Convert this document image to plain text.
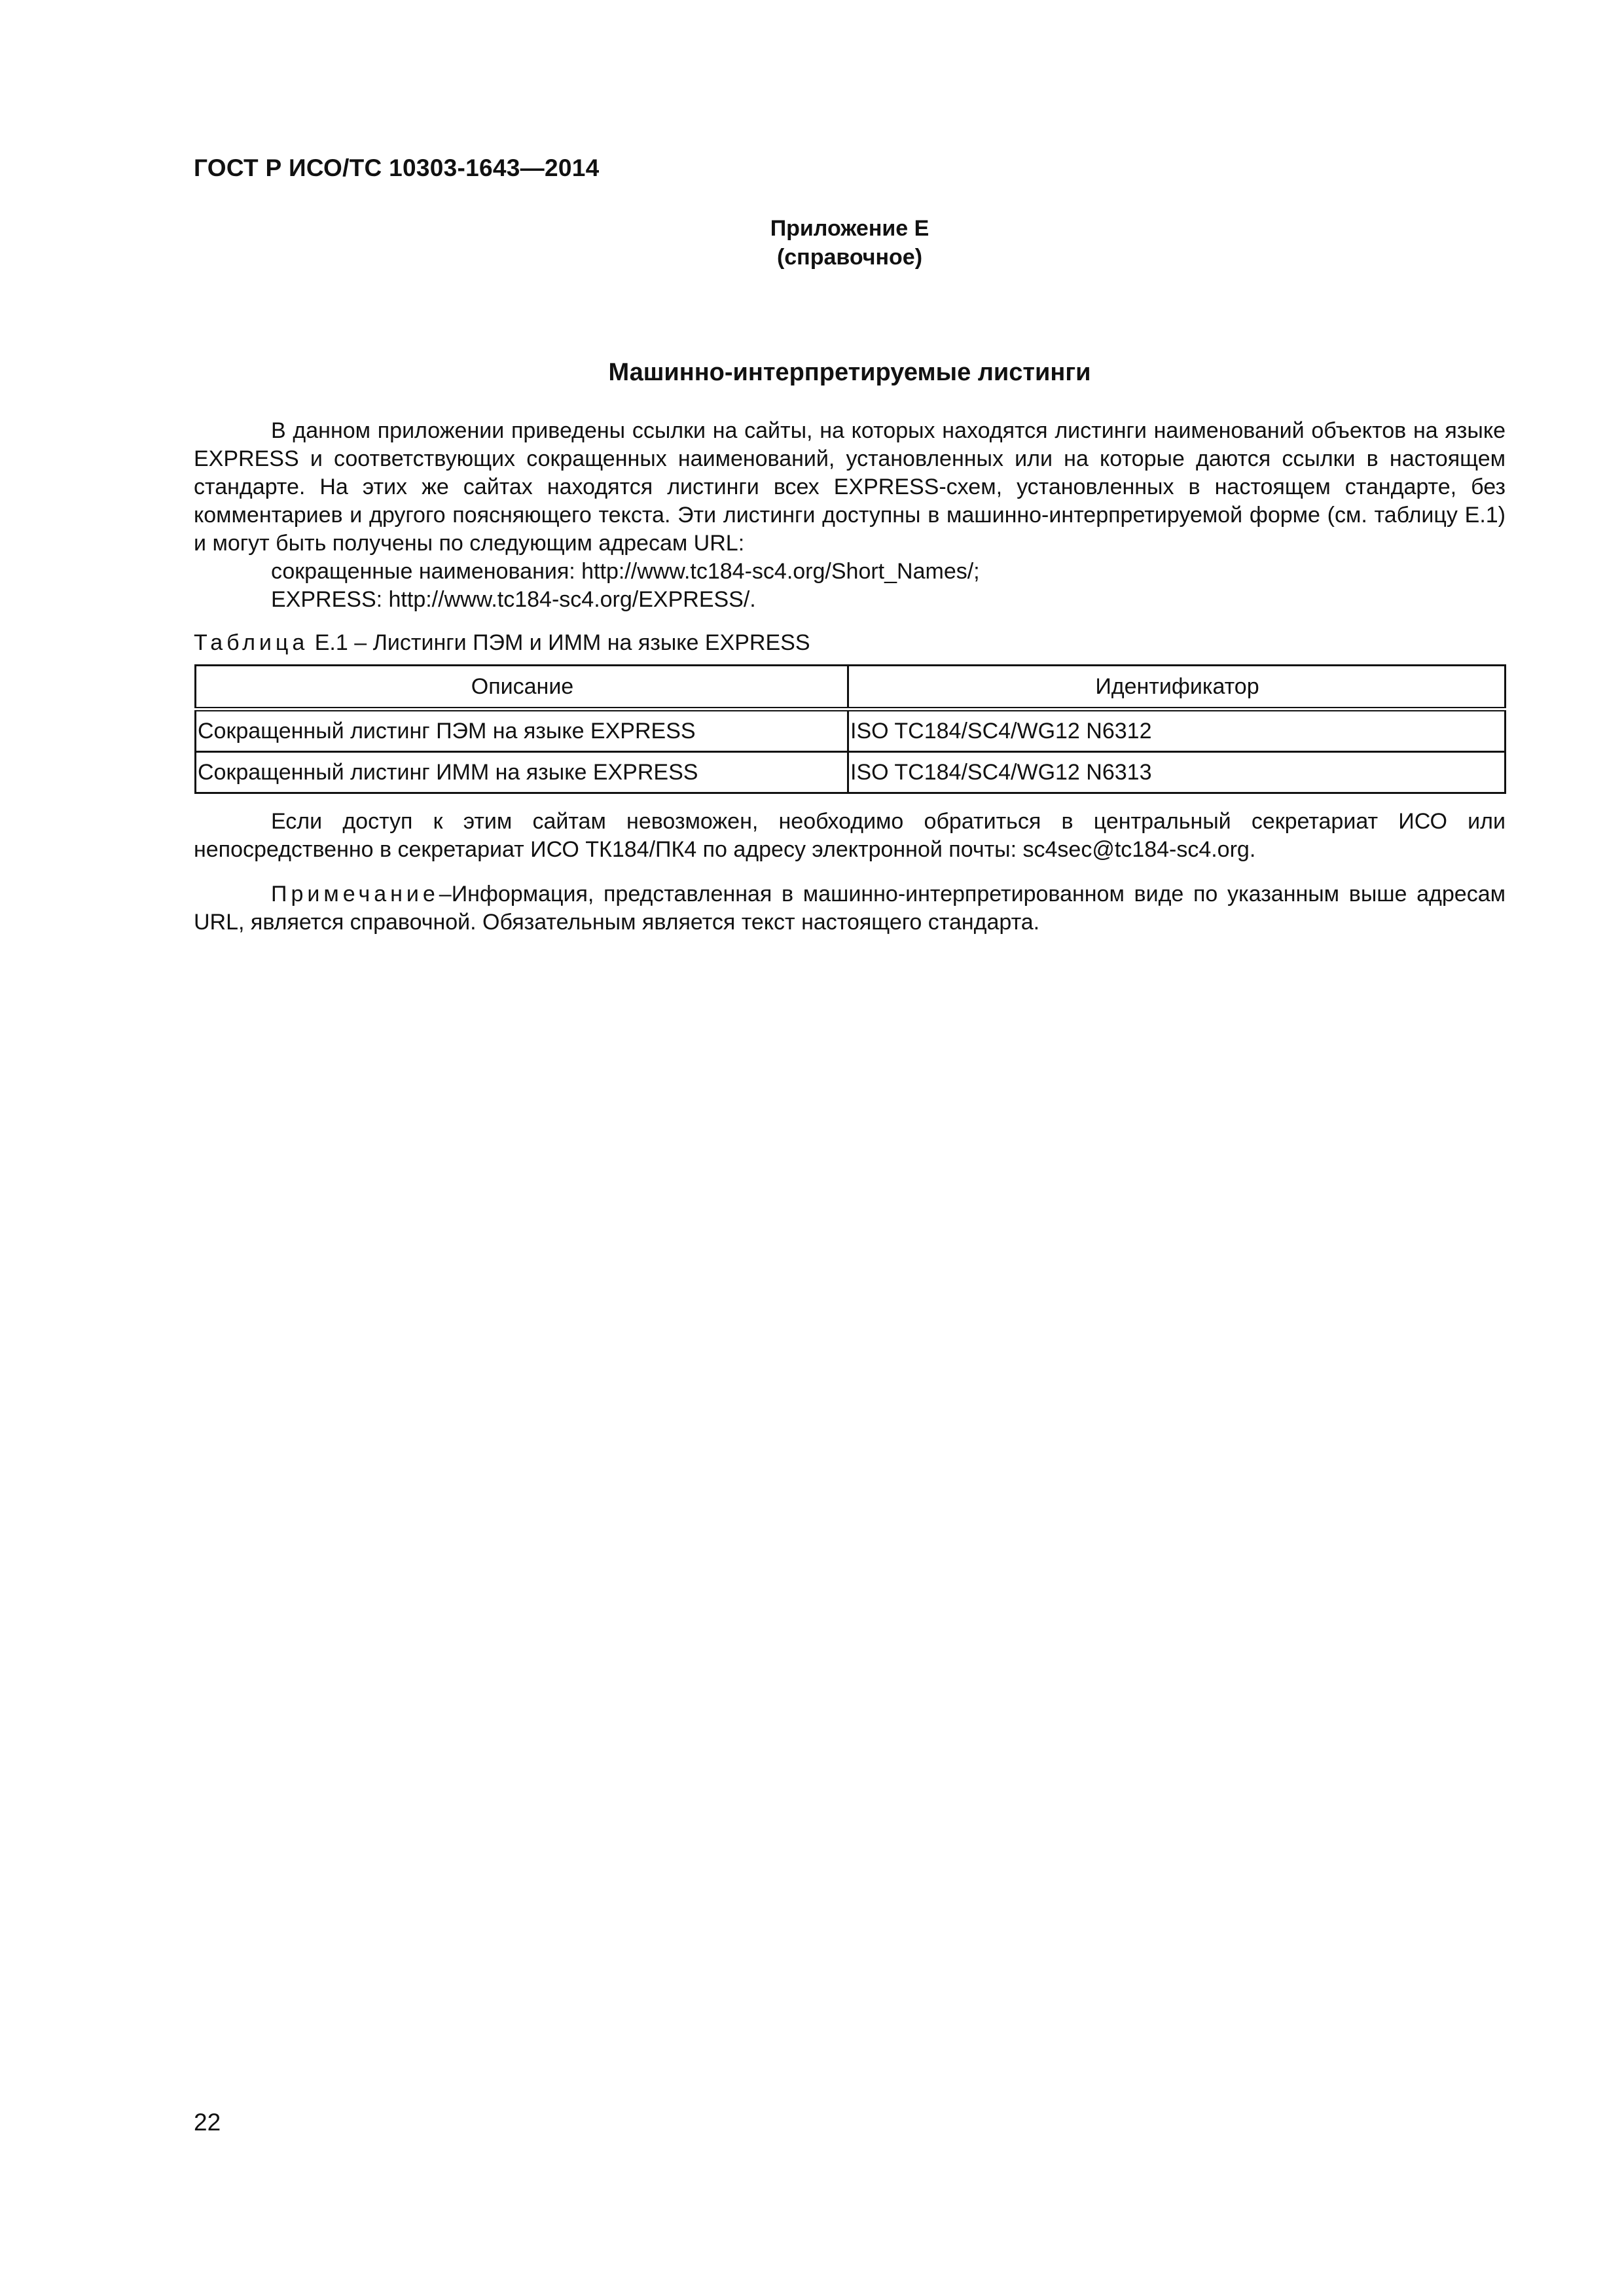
ГОСТ Р ИСО/ТС 10303-1643—2014
Приложение Е
(справочное)
Машинно-интерпретируемые листинги

В данном приложении приведены ссылки на сайты, на которых находятся листинги наименований объектов на языке EXPRESS и соответствующих сокращенных наименований, установленных или на которые даются ссылки в настоящем стандарте. На этих же сайтах находятся листинги всех EXPRESS-схем, установленных в настоящем стандарте, без комментариев и другого поясняющего текста. Эти листинги доступны в машинно-интерпретируемой форме (см. таблицу Е.1) и могут быть получены по следующим адресам URL:

сокращенные наименования: http://www.tc184-sc4.org/Short_Names/;
EXPRESS: http://www.tc184-sc4.org/EXPRESS/.
Таблица Е.1 – Листинги ПЭМ и ИММ на языке EXPRESS
Описание	Идентификатор
Сокращенный листинг ПЭМ на языке EXPRESS	ISO TC184/SC4/WG12 N6312
Сокращенный листинг ИММ на языке EXPRESS	ISO TC184/SC4/WG12 N6313

Если доступ к этим сайтам невозможен, необходимо обратиться в центральный секретариат ИСО или непосредственно в секретариат ИСО ТК184/ПК4 по адресу электронной почты: sc4sec@tc184-sc4.org.

Примечание–Информация, представленная в машинно-интерпретированном виде по указанным выше адресам URL, является справочной. Обязательным является текст настоящего стандарта.

22
